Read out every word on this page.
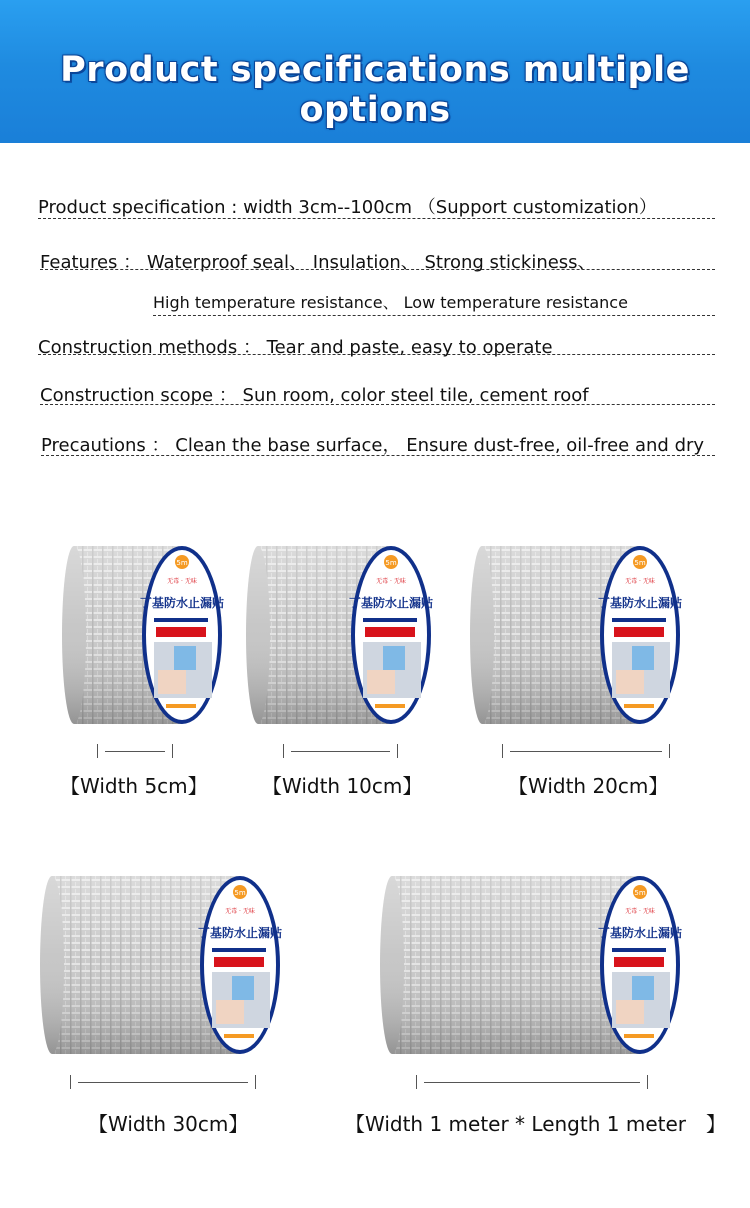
Product specifications multiple options
Product specification : width 3cm--100cm （Support customization）
Features ： Waterproof seal、 Insulation、 Strong stickiness、
High temperature resistance、 Low temperature resistance
Construction methods ： Tear and paste, easy to operate
Construction scope ： Sun room, color steel tile, cement roof
Precautions ： Clean the base surface， Ensure dust-free, oil-free and dry
5m
无毒 · 无味
丁基防水止漏贴
5m
无毒 · 无味
丁基防水止漏贴
5m
无毒 · 无味
丁基防水止漏贴
5m
无毒 · 无味
丁基防水止漏贴
5m
无毒 · 无味
丁基防水止漏贴
【Width 5cm】	【Width 10cm】	【Width 20cm】
【Width 30cm】	【Width 1 meter * Length 1 meter　】
